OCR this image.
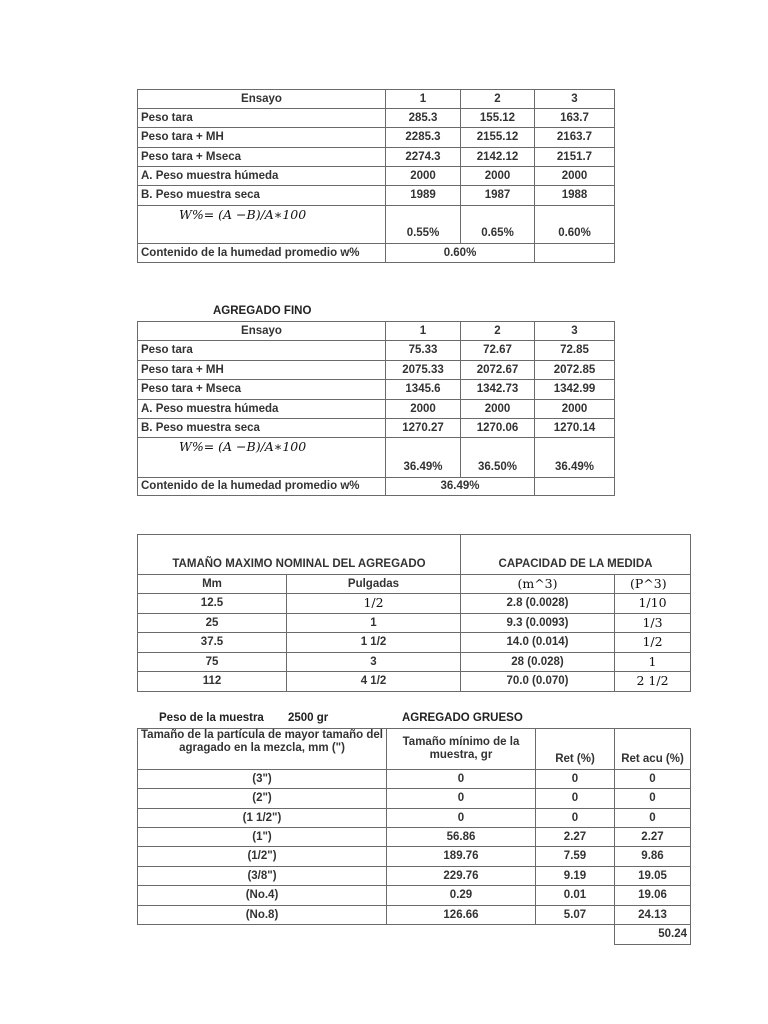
Ensayo	1	2	3
Peso tara	285.3	155.12	163.7
Peso tara + MH	2285.3	2155.12	2163.7
Peso tara + Mseca	2274.3	2142.12	2151.7
A. Peso muestra húmeda	2000	2000	2000
B. Peso muestra seca	1989	1987	1988

W%= (A −B)/A∗100	0.55%	0.65%	0.60%
Contenido de la humedad promedio w%	0.60%		
AGREGADO FINO
Ensayo	1	2	3
Peso tara	75.33	72.67	72.85
Peso tara + MH	2075.33	2072.67	2072.85
Peso tara + Mseca	1345.6	1342.73	1342.99
A. Peso muestra húmeda	2000	2000	2000
B. Peso muestra seca	1270.27	1270.06	1270.14

W%= (A −B)/A∗100	36.49%	36.50%	36.49%
Contenido de la humedad promedio w%	36.49%		
TAMAÑO MAXIMO NOMINAL DEL AGREGADO		CAPACIDAD DE LA MEDIDA	
Mm	Pulgadas	(m^3)	(P^3)
12.5	1/2	2.8 (0.0028)	1/10
25	1	9.3 (0.0093)	1/3
37.5	1 1/2	14.0 (0.014)	1/2
75	3	28 (0.028)	1
112	4 1/2	70.0 (0.070)	2 1/2
Peso de la muestra 2500 gr	AGREGADO GRUESO
Tamaño de la partícula de mayor tamaño del agragado en la mezcla, mm (")	Tamaño mínimo de la muestra, gr	Ret (%)	Ret acu (%)
(3")	0	0	0
(2")	0	0	0
(1 1/2")	0	0	0
(1")	56.86	2.27	2.27
(1/2")	189.76	7.59	9.86
(3/8")	229.76	9.19	19.05
(No.4)	0.29	0.01	19.06
(No.8)	126.66	5.07	24.13
			50.24
